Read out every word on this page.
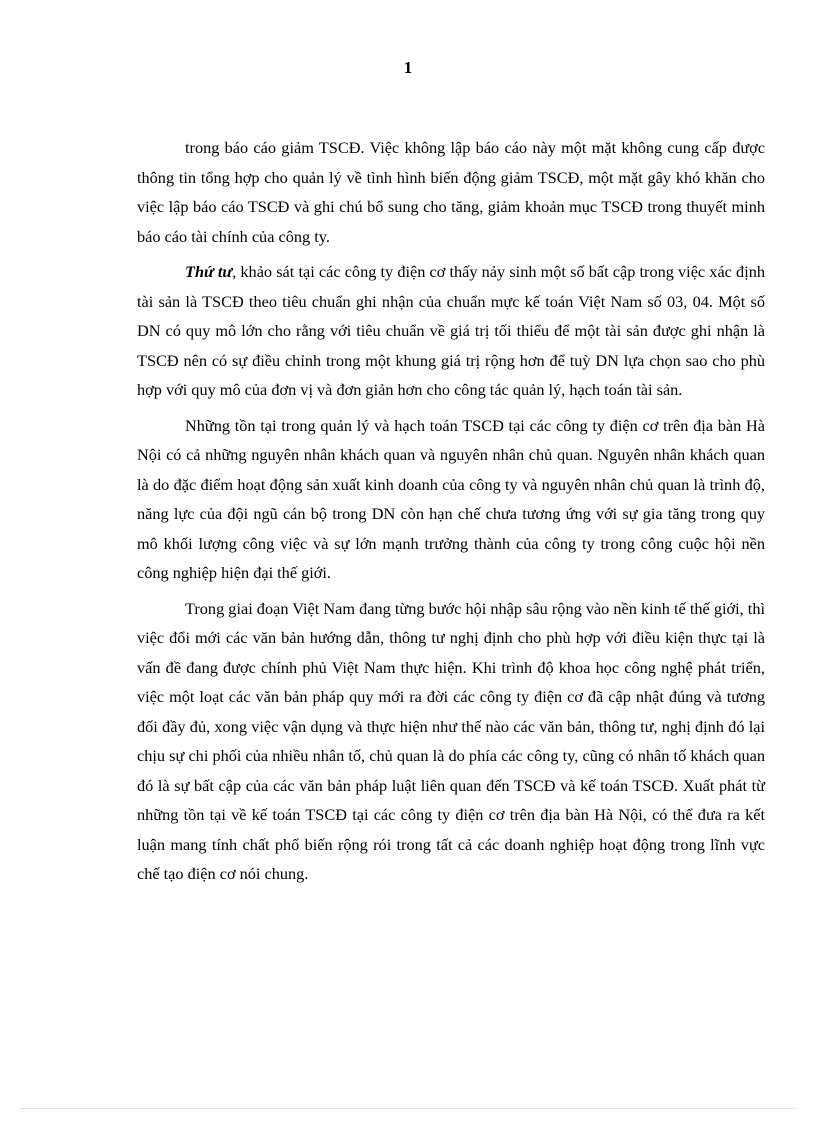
1

trong báo cáo giảm TSCĐ. Việc không lập báo cáo này một mặt không cung cấp được thông tin tổng hợp cho quản lý về tình hình biến động giảm TSCĐ, một mặt gây khó khăn cho việc lập báo cáo TSCĐ và ghi chú bổ sung cho tăng, giảm khoản mục TSCĐ trong thuyết minh báo cáo tài chính của công ty.

Thứ tư, khảo sát tại các công ty điện cơ thấy nảy sinh một số bất cập trong việc xác định tài sản là TSCĐ theo tiêu chuẩn ghi nhận của chuẩn mực kế toán Việt Nam số 03, 04. Một số DN có quy mô lớn cho rằng với tiêu chuẩn về giá trị tối thiểu để một tài sản được ghi nhận là TSCĐ nên có sự điều chỉnh trong một khung giá trị rộng hơn để tuỳ DN lựa chọn sao cho phù hợp với quy mô của đơn vị và đơn giản hơn cho công tác quản lý, hạch toán tài sản.

Những tồn tại trong quản lý và hạch toán TSCĐ tại các công ty điện cơ trên địa bàn Hà Nội có cả những nguyên nhân khách quan và nguyên nhân chủ quan. Nguyên nhân khách quan là do đặc điểm hoạt động sản xuất kinh doanh của công ty và nguyên nhân chủ quan là trình độ, năng lực của đội ngũ cán bộ trong DN còn hạn chế chưa tương ứng với sự gia tăng trong quy mô khối lượng công việc và sự lớn mạnh trưởng thành của công ty trong công cuộc hội nền công nghiệp hiện đại thế giới.

Trong giai đoạn Việt Nam đang từng bước hội nhập sâu rộng vào nền kinh tế thế giới, thì việc đổi mới các văn bản hướng dẫn, thông tư nghị định cho phù hợp với điều kiện thực tại là vấn đề đang được chính phủ Việt Nam thực hiện. Khi trình độ khoa học công nghệ phát triển, việc một loạt các văn bản pháp quy mới ra đời các công ty điện cơ đã cập nhật đúng và tương đối đầy đủ, xong việc vận dụng và thực hiện như thế nào các văn bản, thông tư, nghị định đó lại chịu sự chi phối của nhiều nhân tố, chủ quan là do phía các công ty, cũng có nhân tố khách quan đó là sự bất cập của các văn bản pháp luật liên quan đến TSCĐ và kế toán TSCĐ. Xuất phát từ những tồn tại về kế toán TSCĐ tại các công ty điện cơ trên địa bàn Hà Nội, có thể đưa ra kết luận mang tính chất phổ biến rộng rói trong tất cả các doanh nghiệp hoạt động trong lĩnh vực chế tạo điện cơ nói chung.
